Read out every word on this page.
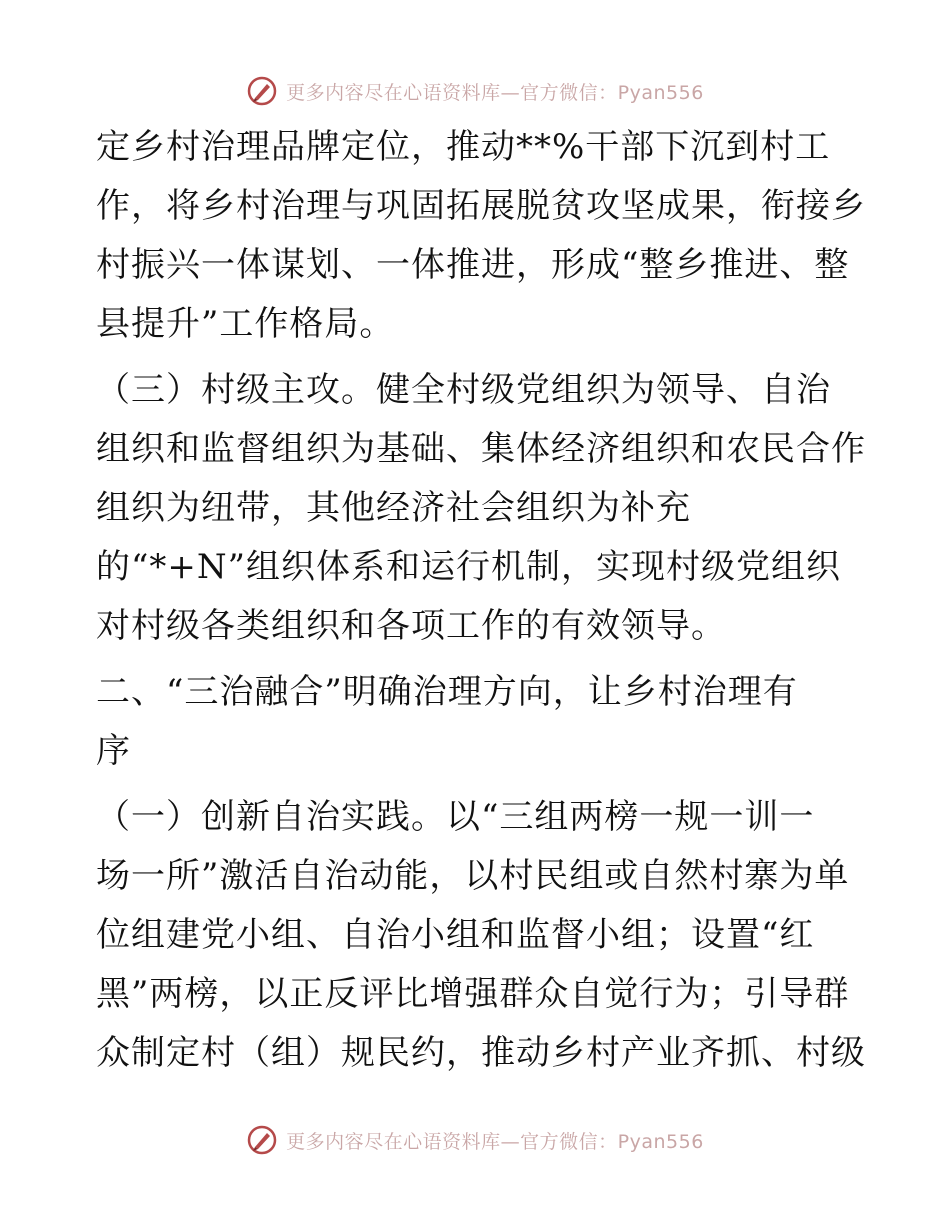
更多内容尽在心语资料库—官方微信：Pyan556
定乡村治理品牌定位，推动**%干部下沉到村工
作，将乡村治理与巩固拓展脱贫攻坚成果，衔接乡
村振兴一体谋划、一体推进，形成“整乡推进、整
县提升”工作格局。
（三）村级主攻。健全村级党组织为领导、自治
组织和监督组织为基础、集体经济组织和农民合作
组织为纽带，其他经济社会组织为补充
的“*+N”组织体系和运行机制，实现村级党组织
对村级各类组织和各项工作的有效领导。
二、“三治融合”明确治理方向，让乡村治理有
序
（一）创新自治实践。以“三组两榜一规一训一
场一所”激活自治动能，以村民组或自然村寨为单
位组建党小组、自治小组和监督小组；设置“红
黑”两榜，以正反评比增强群众自觉行为；引导群
众制定村（组）规民约，推动乡村产业齐抓、村级
更多内容尽在心语资料库—官方微信：Pyan556
